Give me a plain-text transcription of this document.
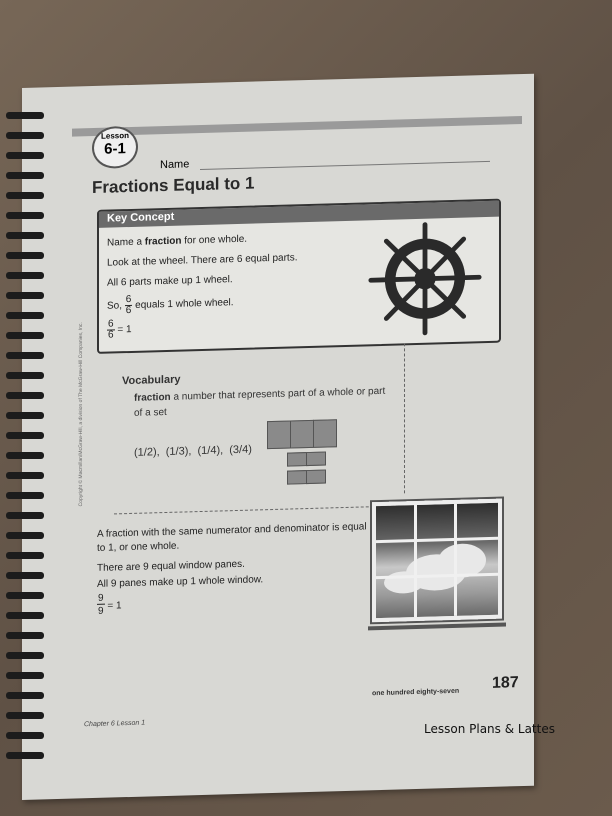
Lesson
6-1
Name
Fractions Equal to 1
Key Concept
Name a fraction for one whole.
Look at the wheel. There are 6 equal parts.
All 6 parts make up 1 wheel.
So, $\frac{6}{6}$ equals 1 whole wheel.
$\frac{6}{6} = 1$
Vocabulary
fraction a number that represents part of a whole or part of a set
(1/2), (1/3), (1/4), (3/4)
A fraction with the same numerator and denominator is equal to 1, or one whole.
There are 9 equal window panes.
All 9 panes make up 1 whole window.
$\frac{9}{9} = 1$
Copyright © Macmillan/McGraw-Hill, a division of The McGraw-Hill Companies, Inc.
Chapter 6 Lesson 1
one hundred eighty-seven
187
Lesson Plans & Lattes
